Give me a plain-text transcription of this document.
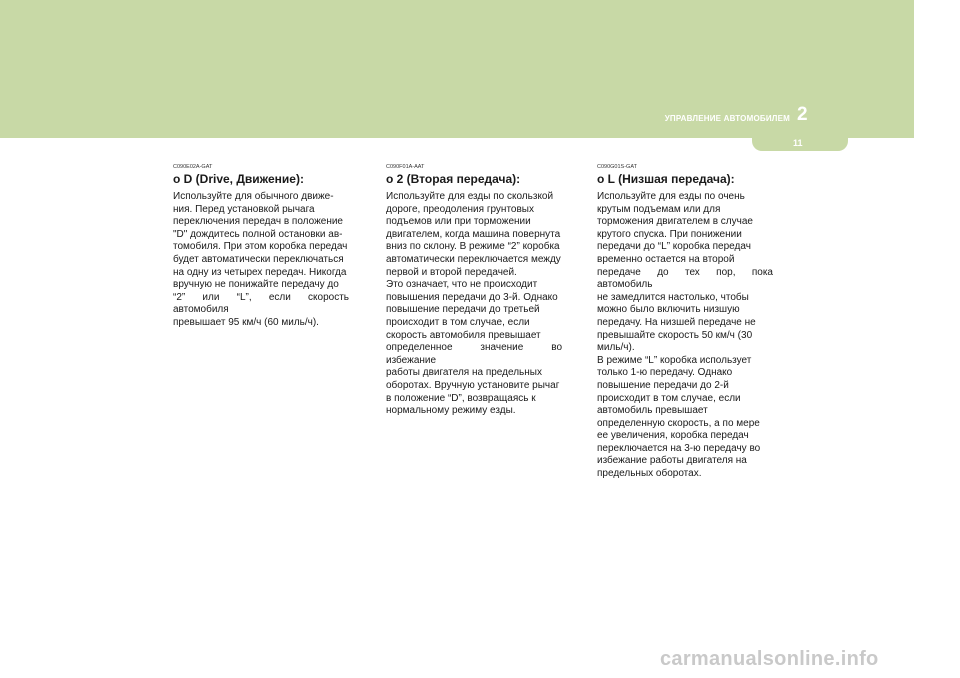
УПРАВЛЕНИЕ АВТОМОБИЛЕМ 2
11

C090E02A-GAT

o D (Drive, Движение):

Используйте для обычного движе-
ния. Перед установкой рычага
переключения передач в положение
"D" дождитесь полной остановки ав-
томобиля. При этом коробка передач
будет автоматически переключаться
на одну из четырех передач. Никогда
вручную не понижайте передачу до
“2” или “L”, если скорость автомобиля
превышает 95 км/ч (60 миль/ч).

C090F01A-AAT

o 2 (Вторая передача):

Используйте для езды по скользкой
дороге, преодоления грунтовых
подъемов или при торможении
двигателем, когда машина повернута
вниз по склону. В режиме “2” коробка
автоматически переключается между
первой и второй передачей.
Это означает, что не происходит
повышения передачи до 3-й. Однако
повышение передачи до третьей
происходит в том случае, если
скорость автомобиля превышает
определенное значение во избежание
работы двигателя на предельных
оборотах. Вручную установите рычаг
в положение “D”, возвращаясь к
нормальному режиму езды.

C090G01S-GAT

o L (Низшая передача):

Используйте для езды по очень
крутым подъемам или для
торможения двигателем в случае
крутого спуска. При понижении
передачи до “L” коробка передач
временно остается на второй
передаче до тех пор, пока автомобиль
не замедлится настолько, чтобы
можно было включить низшую
передачу. На низшей передаче не
превышайте скорость 50 км/ч (30
миль/ч).
В режиме “L” коробка использует
только 1-ю передачу. Однако
повышение передачи до 2-й
происходит в том случае, если
автомобиль превышает
определенную скорость, а по мере
ее увеличения, коробка передач
переключается на 3-ю передачу во
избежание работы двигателя на
предельных оборотах.

carmanualsonline.info
